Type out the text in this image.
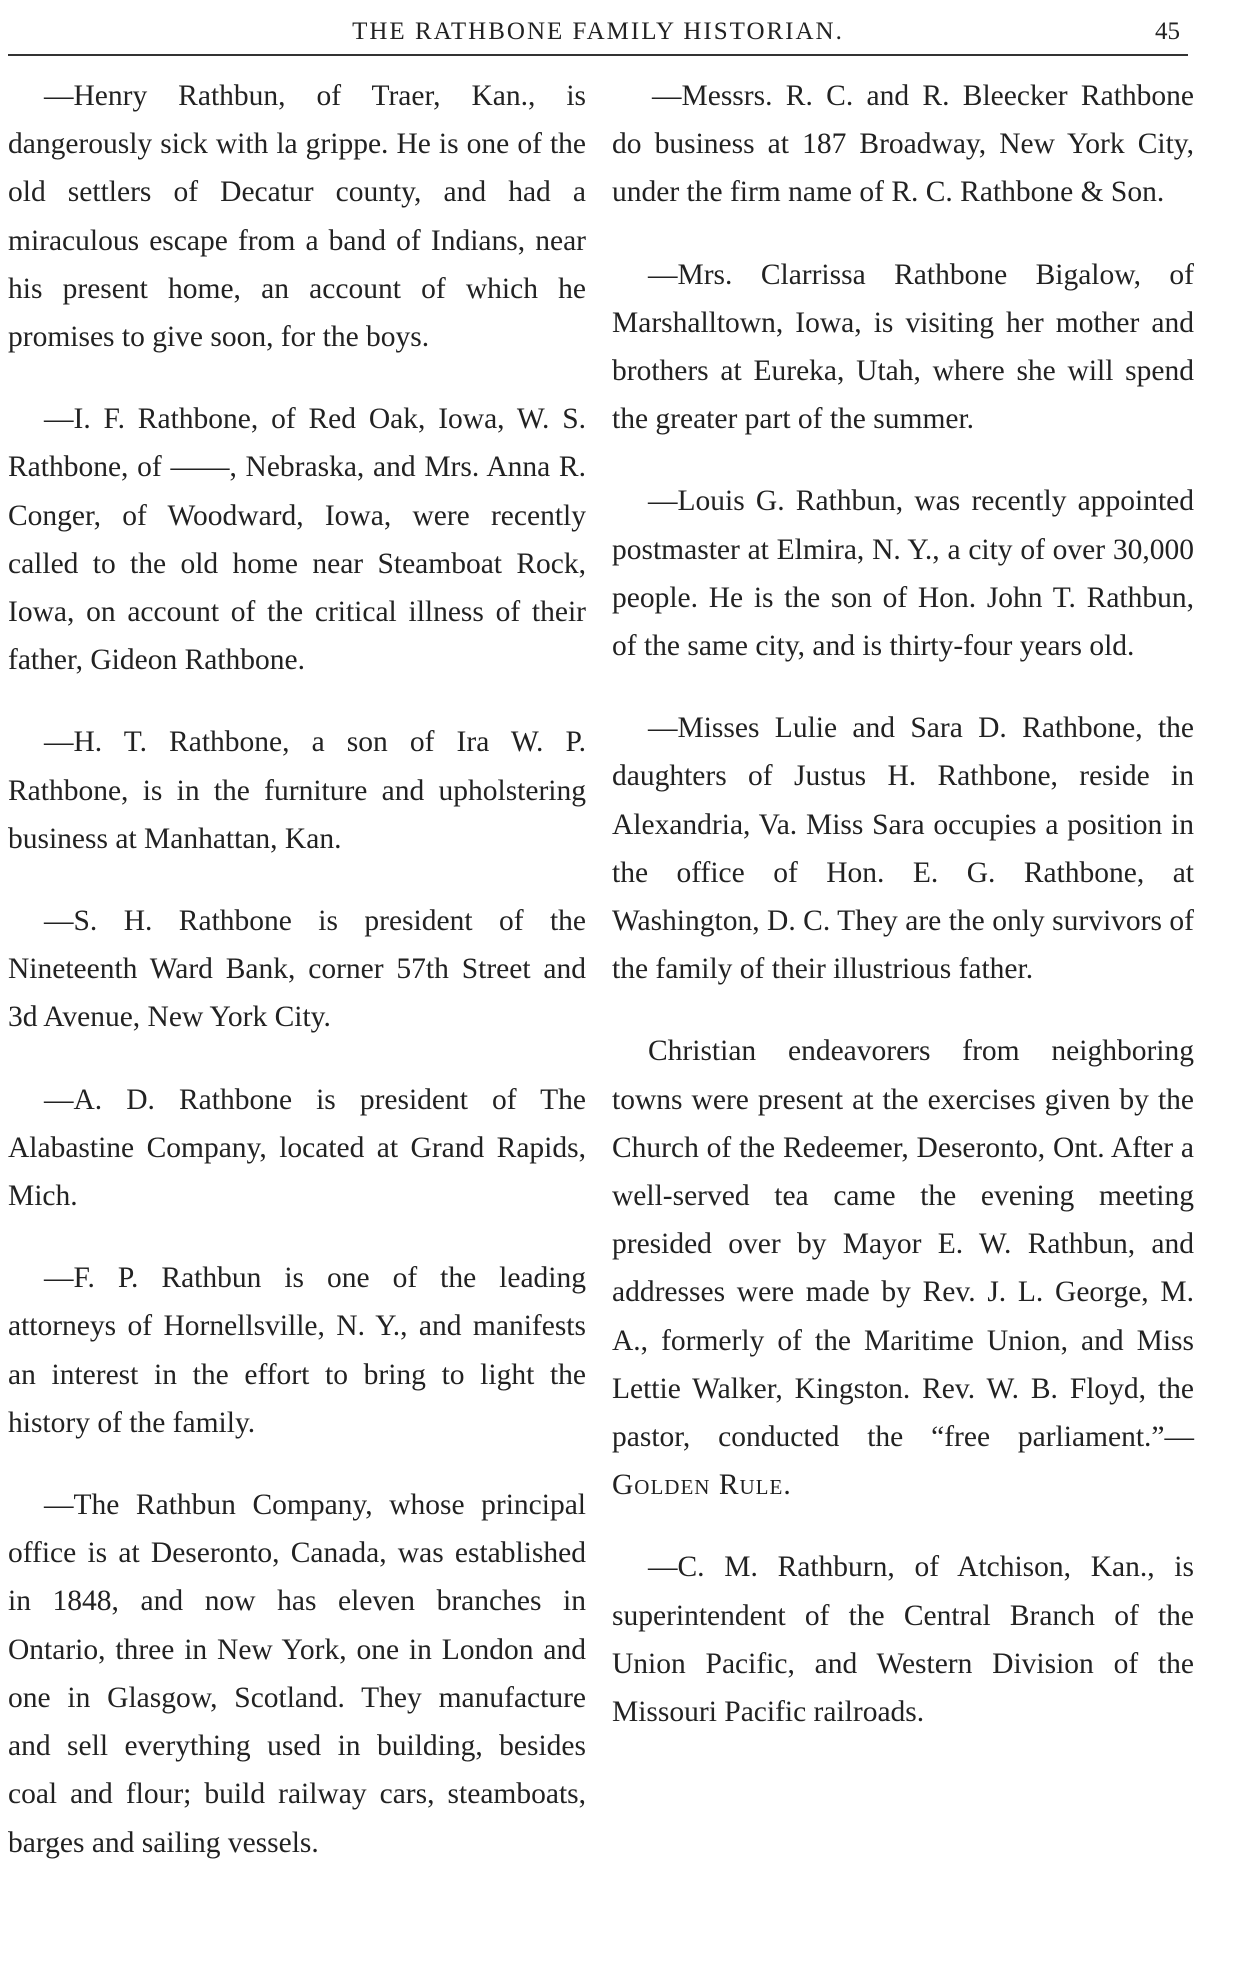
THE RATHBONE FAMILY HISTORIAN.	45

—Henry Rathbun, of Traer, Kan., is dangerously sick with la grippe. He is one of the old settlers of Decatur county, and had a miraculous escape from a band of Indians, near his present home, an account of which he promises to give soon, for the boys.

—I. F. Rathbone, of Red Oak, Iowa, W. S. Rathbone, of ——, Nebraska, and Mrs. Anna R. Conger, of Woodward, Iowa, were recently called to the old home near Steamboat Rock, Iowa, on account of the critical illness of their father, Gideon Rathbone.

—H. T. Rathbone, a son of Ira W. P. Rathbone, is in the furniture and upholstering business at Manhattan, Kan.

—S. H. Rathbone is president of the Nineteenth Ward Bank, corner 57th Street and 3d Avenue, New York City.

—A. D. Rathbone is president of The Alabastine Company, located at Grand Rapids, Mich.

—F. P. Rathbun is one of the leading attorneys of Hornellsville, N. Y., and manifests an interest in the effort to bring to light the history of the family.

—The Rathbun Company, whose principal office is at Deseronto, Canada, was established in 1848, and now has eleven branches in Ontario, three in New York, one in London and one in Glasgow, Scotland. They manufacture and sell everything used in building, besides coal and flour; build railway cars, steamboats, barges and sailing vessels.

—Messrs. R. C. and R. Bleecker Rathbone do business at 187 Broadway, New York City, under the firm name of R. C. Rathbone & Son.

—Mrs. Clarrissa Rathbone Bigalow, of Marshalltown, Iowa, is visiting her mother and brothers at Eureka, Utah, where she will spend the greater part of the summer.

—Louis G. Rathbun, was recently appointed postmaster at Elmira, N. Y., a city of over 30,000 people. He is the son of Hon. John T. Rathbun, of the same city, and is thirty-four years old.

—Misses Lulie and Sara D. Rathbone, the daughters of Justus H. Rathbone, reside in Alexandria, Va. Miss Sara occupies a position in the office of Hon. E. G. Rathbone, at Washington, D. C. They are the only survivors of the family of their illustrious father.

Christian endeavorers from neighboring towns were present at the exercises given by the Church of the Redeemer, Deseronto, Ont. After a well-served tea came the evening meeting presided over by Mayor E. W. Rathbun, and addresses were made by Rev. J. L. George, M. A., formerly of the Maritime Union, and Miss Lettie Walker, Kingston. Rev. W. B. Floyd, the pastor, conducted the “free parliament.”—Golden Rule.

—C. M. Rathburn, of Atchison, Kan., is superintendent of the Central Branch of the Union Pacific, and Western Division of the Missouri Pacific railroads.
